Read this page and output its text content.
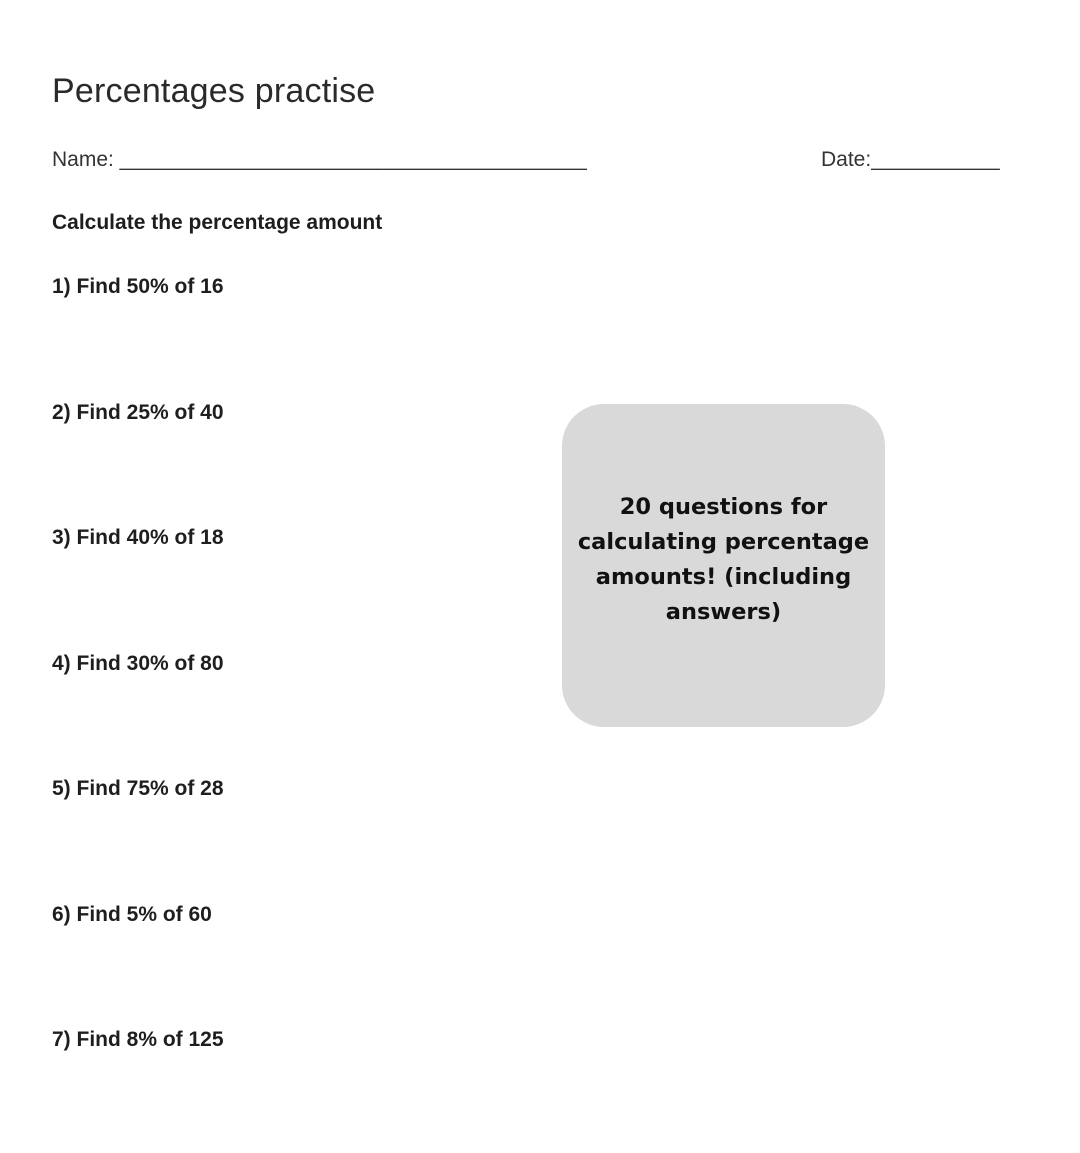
Percentages practise
Name: ________________________________________	Date:___________
Calculate the percentage amount
1) Find 50% of 16
2) Find 25% of 40
3) Find 40% of 18
4) Find 30% of 80
5) Find 75% of 28
6) Find 5% of 60
7) Find 8% of 125
20 questions for calculating percentage amounts! (including answers)
